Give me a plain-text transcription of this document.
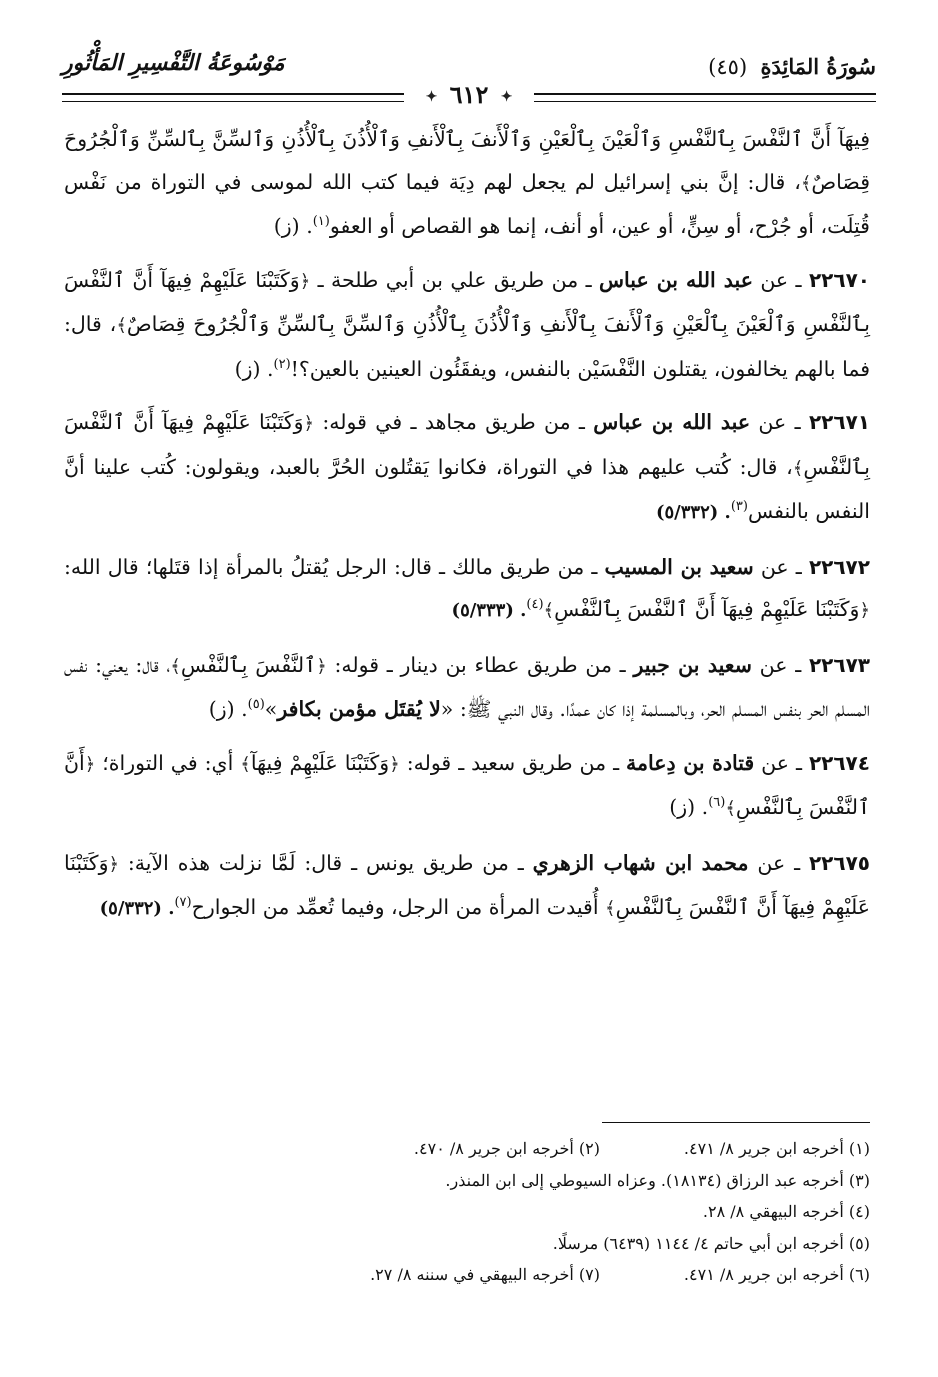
سُورَةُ المَائِدَةِ (٤٥)
مَوْسُوعَةُ التَّفْسِيرِ المَأْثُورِ
✦ ٦١٢ ✦

فِيهَآ أَنَّ ٱلنَّفْسَ بِٱلنَّفْسِ وَٱلْعَيْنَ بِٱلْعَيْنِ وَٱلْأَنفَ بِٱلْأَنفِ وَٱلْأُذُنَ بِٱلْأُذُنِ وَٱلسِّنَّ بِٱلسِّنِّ وَٱلْجُرُوحَ قِصَاصٌ﴾، قال: إنَّ بني إسرائيل لم يجعل لهم دِيَة فيما كتب الله لموسى في التوراة من نَفْس قُتِلَت، أو جُرْح، أو سِنٍّ، أو عين، أو أنف، إنما هو القصاص أو العفو$^{(١)}$. (ز)

٢٢٦٧٠ ـ عن عبد الله بن عباس ـ من طريق علي بن أبي طلحة ـ ﴿وَكَتَبْنَا عَلَيْهِمْ فِيهَآ أَنَّ ٱلنَّفْسَ بِٱلنَّفْسِ وَٱلْعَيْنَ بِٱلْعَيْنِ وَٱلْأَنفَ بِٱلْأَنفِ وَٱلْأُذُنَ بِٱلْأُذُنِ وَٱلسِّنَّ بِٱلسِّنِّ وَٱلْجُرُوحَ قِصَاصٌ﴾، قال: فما بالهم يخالفون، يقتلون النَّفْسَيْن بالنفس، ويفقَئُون العينين بالعين؟!$^{(٢)}$. (ز)

٢٢٦٧١ ـ عن عبد الله بن عباس ـ من طريق مجاهد ـ في قوله: ﴿وَكَتَبْنَا عَلَيْهِمْ فِيهَآ أَنَّ ٱلنَّفْسَ بِٱلنَّفْسِ﴾، قال: كُتب عليهم هذا في التوراة، فكانوا يَقتُلون الحُرَّ بالعبد، ويقولون: كُتب علينا أنَّ النفس بالنفس$^{(٣)}$. (٥/٣٣٢)

٢٢٦٧٢ ـ عن سعيد بن المسيب ـ من طريق مالك ـ قال: الرجل يُقتلُ بالمرأة إذا قتَلها؛ قال الله: ﴿وَكَتَبْنَا عَلَيْهِمْ فِيهَآ أَنَّ ٱلنَّفْسَ بِٱلنَّفْسِ﴾$^{(٤)}$. (٥/٣٣٣)

٢٢٦٧٣ ـ عن سعيد بن جبير ـ من طريق عطاء بن دينار ـ قوله: ﴿ٱلنَّفْسَ بِٱلنَّفْسِ﴾، قال: يعني: نفس المسلم الحر بنفس المسلم الحر، وبالمسلمة إذا كان عمدًا. وقال النبي ﷺ: «لا يُقتَل مؤمن بكافر»$^{(٥)}$. (ز)

٢٢٦٧٤ ـ عن قتادة بن دِعامة ـ من طريق سعيد ـ قوله: ﴿وَكَتَبْنَا عَلَيْهِمْ فِيهَآ﴾ أي: في التوراة؛ ﴿أَنَّ ٱلنَّفْسَ بِٱلنَّفْسِ﴾$^{(٦)}$. (ز)

٢٢٦٧٥ ـ عن محمد ابن شهاب الزهري ـ من طريق يونس ـ قال: لَمَّا نزلت هذه الآية: ﴿وَكَتَبْنَا عَلَيْهِمْ فِيهَآ أَنَّ ٱلنَّفْسَ بِٱلنَّفْسِ﴾ أُقيدت المرأة من الرجل، وفيما تُعمِّد من الجوارح$^{(٧)}$. (٥/٣٣٢)

(١) أخرجه ابن جرير ٨/ ٤٧١.
(٢) أخرجه ابن جرير ٨/ ٤٧٠.
(٣) أخرجه عبد الرزاق (١٨١٣٤). وعزاه السيوطي إلى ابن المنذر.
(٤) أخرجه البيهقي ٨/ ٢٨.
(٥) أخرجه ابن أبي حاتم ٤/ ١١٤٤ (٦٤٣٩) مرسلًا.
(٦) أخرجه ابن جرير ٨/ ٤٧١.
(٧) أخرجه البيهقي في سننه ٨/ ٢٧.
